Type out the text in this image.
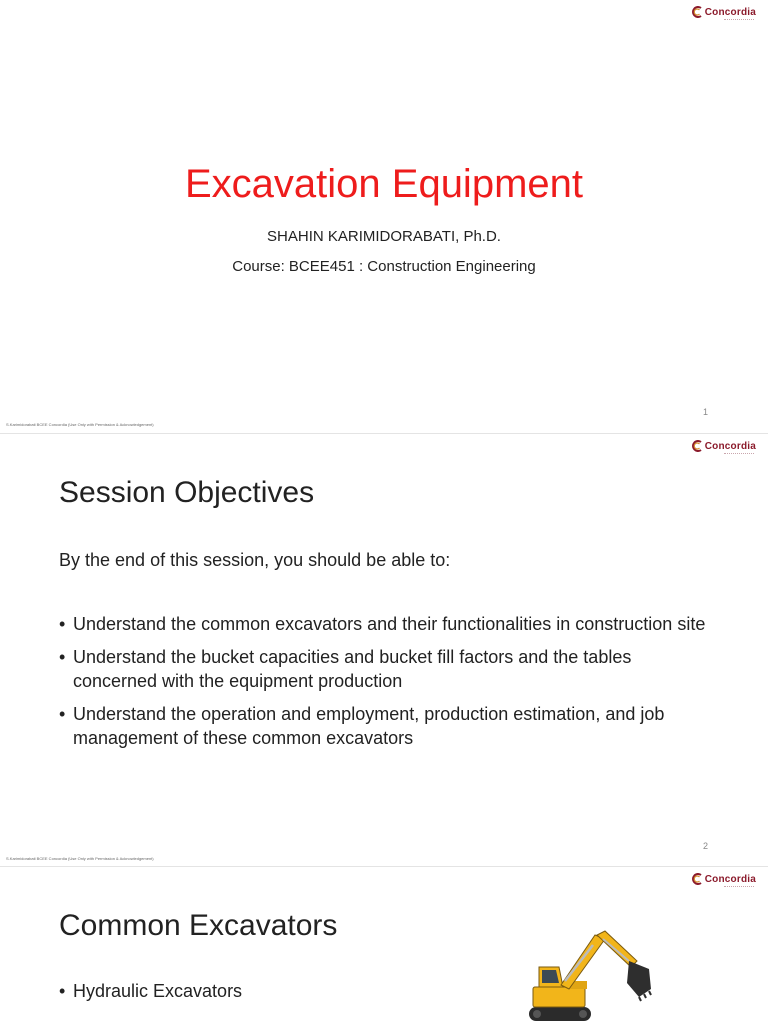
Concordia
Excavation Equipment
SHAHIN KARIMIDORABATI, Ph.D.
Course: BCEE451 : Construction Engineering
1
S.Karimidorabati BCEE Concordia (Use Only with Permission & Acknowledgement)
Concordia
Session Objectives
By the end of this session, you should be able to:
• Understand the common excavators and their functionalities in construction site
• Understand the bucket capacities and bucket fill factors and the tables concerned with the equipment production
• Understand the operation and employment, production estimation, and job management of these common excavators
2
S.Karimidorabati BCEE Concordia (Use Only with Permission & Acknowledgement)
Concordia
Common Excavators
• Hydraulic Excavators
